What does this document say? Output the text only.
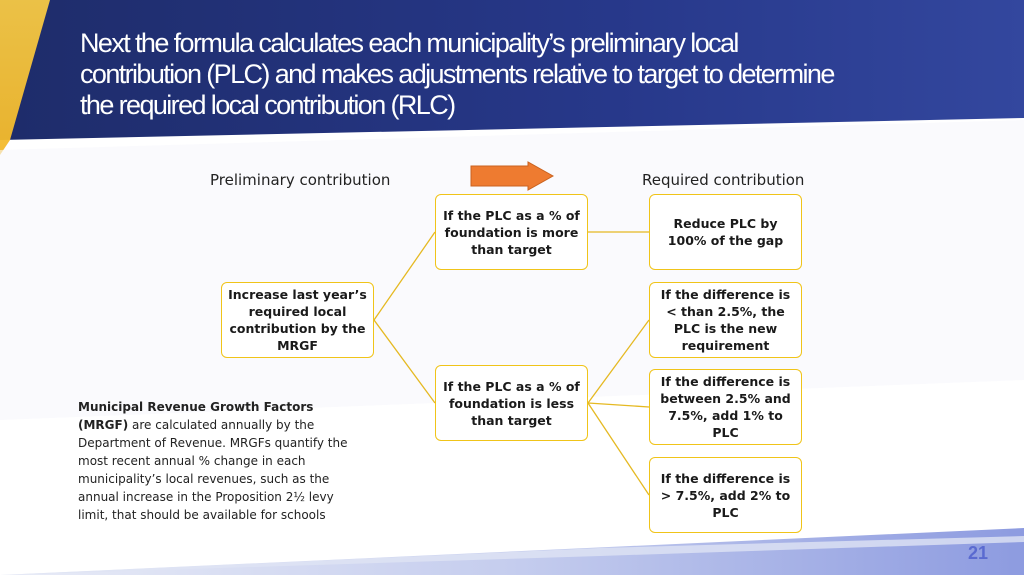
Next the formula calculates each municipality’s preliminary local
contribution (PLC) and makes adjustments relative to target to determine
the required local contribution (RLC)
Preliminary contribution	Required contribution
Increase last year’s required local contribution by the MRGF
If the PLC as a % of foundation is more than target
If the PLC as a % of foundation is less than target
Reduce PLC by 100% of the gap
If the difference is < than 2.5%, the PLC is the new requirement
If the difference is between 2.5% and 7.5%, add 1% to PLC
If the difference is > 7.5%, add 2% to PLC
Municipal Revenue Growth Factors (MRGF) are calculated annually by the Department of Revenue. MRGFs quantify the most recent annual % change in each municipality’s local revenues, such as the annual increase in the Proposition 2½ levy limit, that should be available for schools
21
